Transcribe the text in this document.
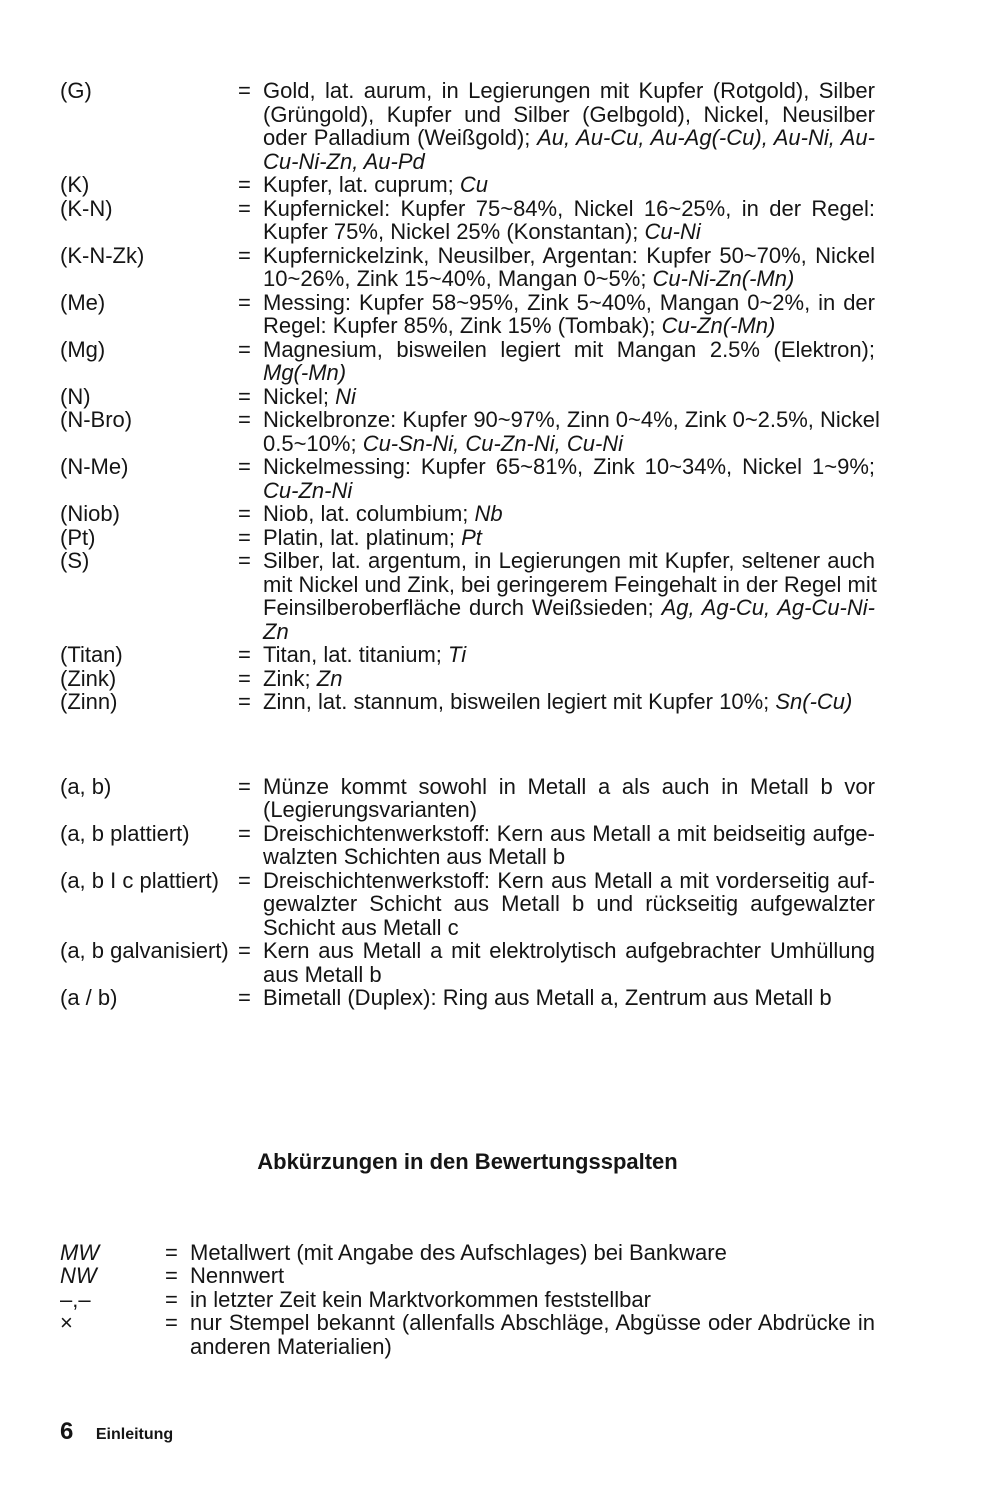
(G)	= Gold, lat. aurum, in Legierungen mit Kupfer (Rotgold), Silber
(Grüngold), Kupfer und Silber (Gelbgold), Nickel, Neusilber
oder Palladium (Weißgold); Au, Au-Cu, Au-Ag(-Cu), Au-Ni, Au-
Cu-Ni-Zn, Au-Pd
(K)	= Kupfer, lat. cuprum; Cu
(K-N)	= Kupfernickel: Kupfer 75~84%, Nickel 16~25%, in der Regel:
Kupfer 75%, Nickel 25% (Konstantan); Cu-Ni
(K-N-Zk)	= Kupfernickelzink, Neusilber, Argentan: Kupfer 50~70%, Nickel
10~26%, Zink 15~40%, Mangan 0~5%; Cu-Ni-Zn(-Mn)
(Me)	= Messing: Kupfer 58~95%, Zink 5~40%, Mangan 0~2%, in der
Regel: Kupfer 85%, Zink 15% (Tombak); Cu-Zn(-Mn)
(Mg)	= Magnesium, bisweilen legiert mit Mangan 2.5% (Elektron);
Mg(-Mn)
(N)	= Nickel; Ni
(N-Bro)	= Nickelbronze: Kupfer 90~97%, Zinn 0~4%, Zink 0~2.5%, Nickel
0.5~10%; Cu-Sn-Ni, Cu-Zn-Ni, Cu-Ni
(N-Me)	= Nickelmessing: Kupfer 65~81%, Zink 10~34%, Nickel 1~9%;
Cu-Zn-Ni
(Niob)	= Niob, lat. columbium; Nb
(Pt)	= Platin, lat. platinum; Pt
(S)	= Silber, lat. argentum, in Legierungen mit Kupfer, seltener auch
mit Nickel und Zink, bei geringerem Feingehalt in der Regel mit
Feinsilberoberfläche durch Weißsieden; Ag, Ag-Cu, Ag-Cu-Ni-
Zn
(Titan)	= Titan, lat. titanium; Ti
(Zink)	= Zink; Zn
(Zinn)	= Zinn, lat. stannum, bisweilen legiert mit Kupfer 10%; Sn(-Cu)
(a, b)	= Münze kommt sowohl in Metall a als auch in Metall b vor
(Legierungsvarianten)
(a, b plattiert) = Dreischichtenwerkstoff: Kern aus Metall a mit beidseitig aufge-
walzten Schichten aus Metall b
(a, b I c plattiert) = Dreischichtenwerkstoff: Kern aus Metall a mit vorderseitig auf-
gewalzter Schicht aus Metall b und rückseitig aufgewalzter
Schicht aus Metall c
(a, b galvanisiert) = Kern aus Metall a mit elektrolytisch aufgebrachter Umhüllung
aus Metall b
(a / b)	= Bimetall (Duplex): Ring aus Metall a, Zentrum aus Metall b
Abkürzungen in den Bewertungsspalten
MW	= Metallwert (mit Angabe des Aufschlages) bei Bankware
NW	= Nennwert
–,–	= in letzter Zeit kein Marktvorkommen feststellbar
×	= nur Stempel bekannt (allenfalls Abschläge, Abgüsse oder Abdrücke in
anderen Materialien)
6 Einleitung
